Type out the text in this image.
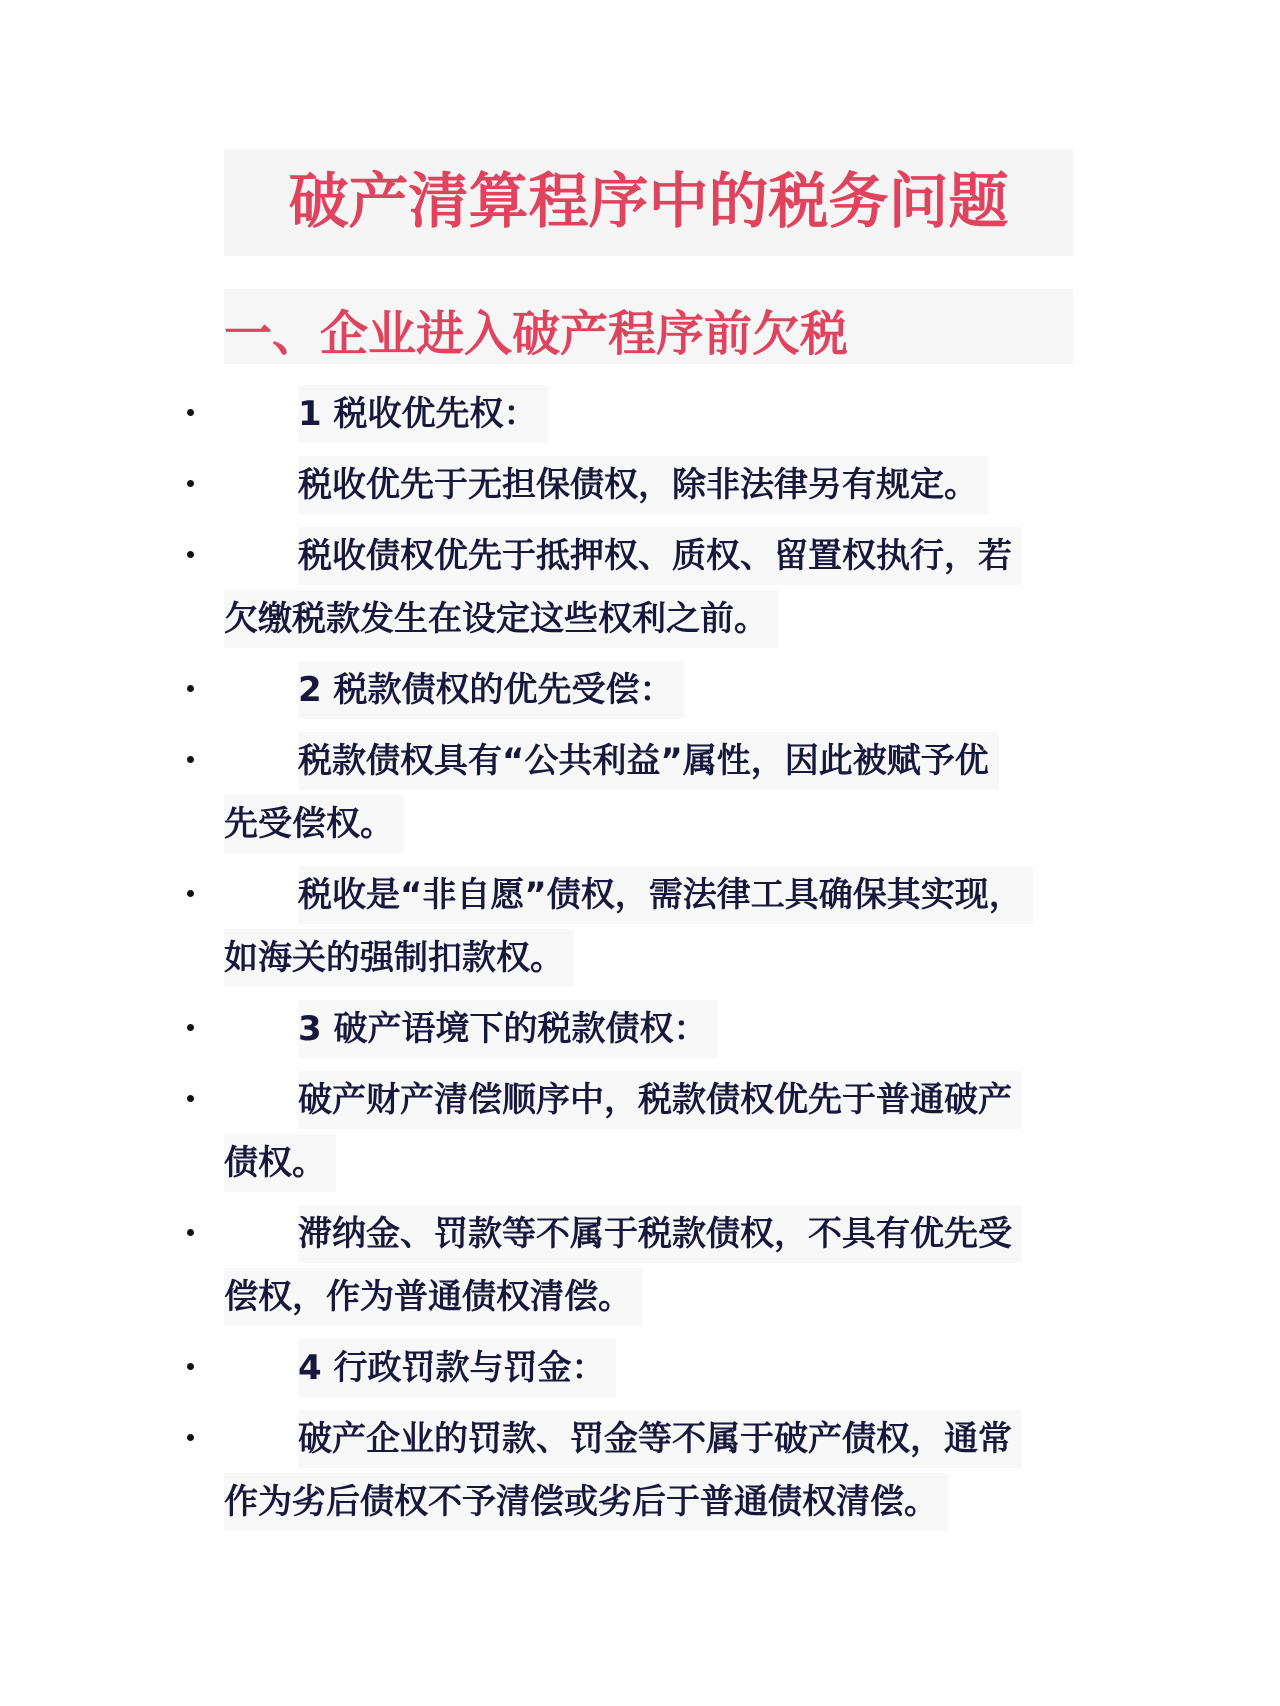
破产清算程序中的税务问题
一、企业进入破产程序前欠税
1 税收优先权：
税收优先于无担保债权，除非法律另有规定。
税收债权优先于抵押权、质权、留置权执行，若
欠缴税款发生在设定这些权利之前。
2 税款债权的优先受偿：
税款债权具有“公共利益”属性，因此被赋予优
先受偿权。
税收是“非自愿”债权，需法律工具确保其实现，
如海关的强制扣款权。
3 破产语境下的税款债权：
破产财产清偿顺序中，税款债权优先于普通破产
债权。
滞纳金、罚款等不属于税款债权，不具有优先受
偿权，作为普通债权清偿。
4 行政罚款与罚金：
破产企业的罚款、罚金等不属于破产债权，通常
作为劣后债权不予清偿或劣后于普通债权清偿。
